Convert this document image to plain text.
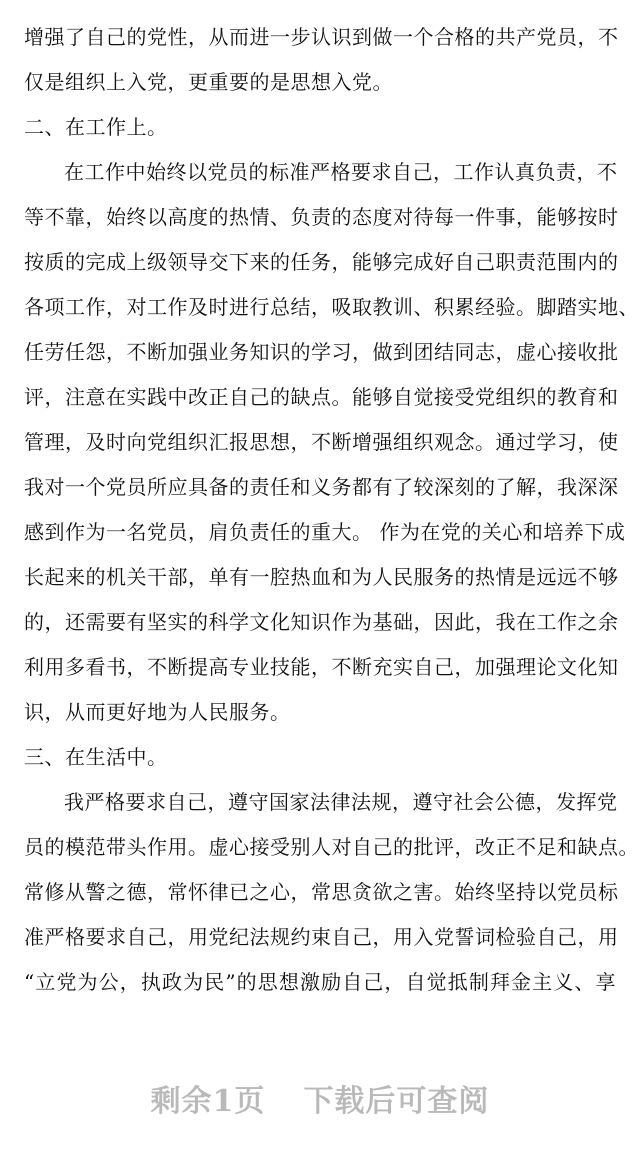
增强了自己的党性，从而进一步认识到做一个合格的共产党员，不
仅是组织上入党，更重要的是思想入党。
二、在工作上。
在工作中始终以党员的标准严格要求自己，工作认真负责，不
等不靠，始终以高度的热情、负责的态度对待每一件事，能够按时
按质的完成上级领导交下来的任务，能够完成好自己职责范围内的
各项工作，对工作及时进行总结，吸取教训、积累经验。脚踏实地、
任劳任怨，不断加强业务知识的学习，做到团结同志，虚心接收批
评，注意在实践中改正自己的缺点。能够自觉接受党组织的教育和
管理，及时向党组织汇报思想，不断增强组织观念。通过学习，使
我对一个党员所应具备的责任和义务都有了较深刻的了解，我深深
感到作为一名党员，肩负责任的重大。 作为在党的关心和培养下成
长起来的机关干部，单有一腔热血和为人民服务的热情是远远不够
的，还需要有坚实的科学文化知识作为基础，因此，我在工作之余
利用多看书，不断提高专业技能，不断充实自己，加强理论文化知
识，从而更好地为人民服务。
三、在生活中。
我严格要求自己，遵守国家法律法规，遵守社会公德，发挥党
员的模范带头作用。虚心接受别人对自己的批评，改正不足和缺点。
常修从警之德，常怀律已之心，常思贪欲之害。始终坚持以党员标
准严格要求自己，用党纪法规约束自己，用入党誓词检验自己，用
“立党为公，执政为民”的思想激励自己，自觉抵制拜金主义、享
剩余1页 下载后可查阅
